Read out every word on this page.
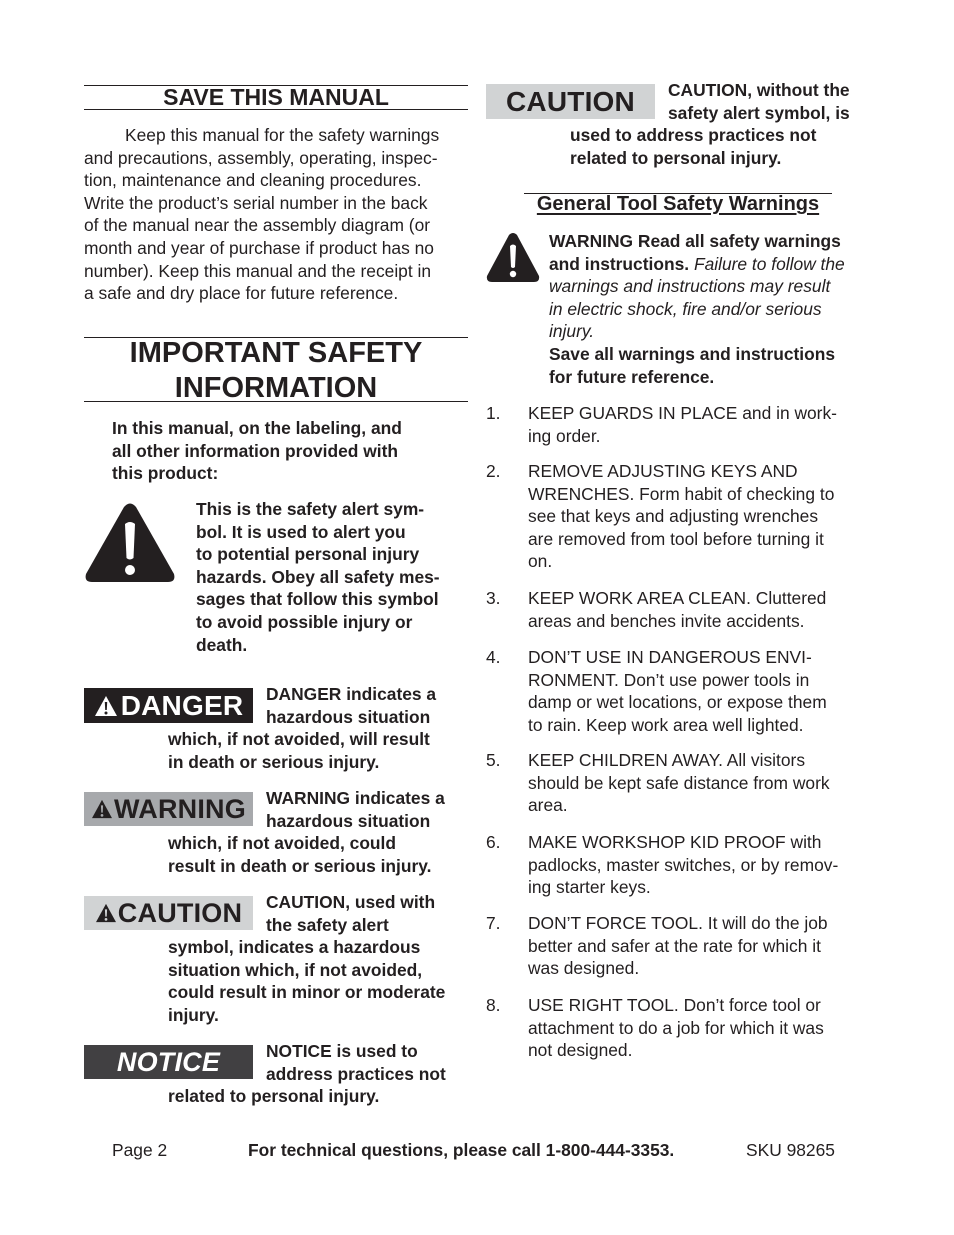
SAVE THIS MANUAL
Keep this manual for the safety warnings
and precautions, assembly, operating, inspec-
tion, maintenance and cleaning procedures.
Write the product’s serial number in the back
of the manual near the assembly diagram (or
month and year of purchase if product has no
number). Keep this manual and the receipt in
a safe and dry place for future reference.
IMPORTANT SAFETY
INFORMATION
In this manual, on the labeling, and
all other information provided with
this product:
This is the safety alert sym-
bol. It is used to alert you
to potential personal injury
hazards. Obey all safety mes-
sages that follow this symbol
to avoid possible injury or
death.
DANGER DANGER indicates a
hazardous situation
which, if not avoided, will result
in death or serious injury.
WARNING WARNING indicates a
hazardous situation
which, if not avoided, could
result in death or serious injury.
CAUTION CAUTION, used with
the safety alert
symbol, indicates a hazardous
situation which, if not avoided,
could result in minor or moderate
injury.
NOTICE	NOTICE is used to
address practices not
related to personal injury.
CAUTION CAUTION, without the
safety alert symbol, is
used to address practices not
related to personal injury.
General Tool Safety Warnings
WARNING Read all safety warnings
and instructions. Failure to follow the
warnings and instructions may result
in electric shock, fire and/or serious
injury.
Save all warnings and instructions
for future reference.
1. KEEP GUARDS IN PLACE and in work-
ing order.
2. REMOVE ADJUSTING KEYS AND
WRENCHES. Form habit of checking to
see that keys and adjusting wrenches
are removed from tool before turning it
on.
3. KEEP WORK AREA CLEAN. Cluttered
areas and benches invite accidents.
4. DON’T USE IN DANGEROUS ENVI-
RONMENT. Don’t use power tools in
damp or wet locations, or expose them
to rain. Keep work area well lighted.
5. KEEP CHILDREN AWAY. All visitors
should be kept safe distance from work
area.
6. MAKE WORKSHOP KID PROOF with
padlocks, master switches, or by remov-
ing starter keys.
7. DON’T FORCE TOOL. It will do the job
better and safer at the rate for which it
was designed.
8. USE RIGHT TOOL. Don’t force tool or
attachment to do a job for which it was
not designed.
Page 2	For technical questions, please call 1-800-444-3353.	SKU 98265
